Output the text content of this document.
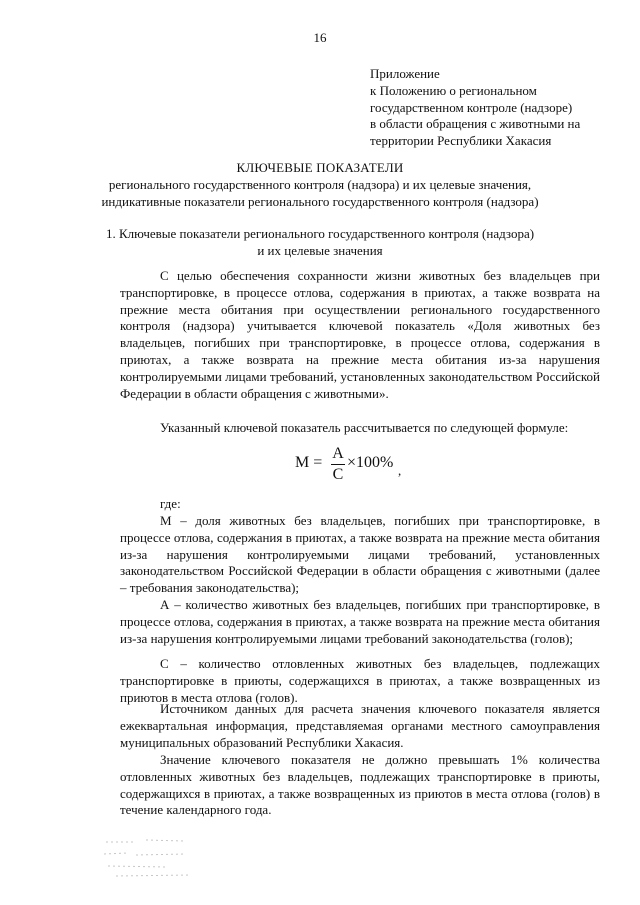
16
Приложение
к Положению о региональном
государственном контроле (надзоре)
в области обращения с животными на
территории Республики Хакасия
КЛЮЧЕВЫЕ ПОКАЗАТЕЛИ
регионального государственного контроля (надзора) и их целевые значения,
индикативные показатели регионального государственного контроля (надзора)
1. Ключевые показатели регионального государственного контроля (надзора)
и их целевые значения

С целью обеспечения сохранности жизни животных без владельцев при транспортировке, в процессе отлова, содержания в приютах, а также возврата на прежние места обитания при осуществлении регионального государственного контроля (надзора) учитывается ключевой показатель «Доля животных без владельцев, погибших при транспортировке, в процессе отлова, содержания в приютах, а также возврата на прежние места обитания из-за нарушения контролируемыми лицами требований, установленных законодательством Российской Федерации в области обращения с животными».

Указанный ключевой показатель рассчитывается по следующей формуле:

М =
А
С
×100% ,

где:

М – доля животных без владельцев, погибших при транспортировке, в процессе отлова, содержания в приютах, а также возврата на прежние места обитания из-за нарушения контролируемыми лицами требований, установленных законодательством Российской Федерации в области обращения с животными (далее – требования законодательства);

А – количество животных без владельцев, погибших при транспортировке, в процессе отлова, содержания в приютах, а также возврата на прежние места обитания из-за нарушения контролируемыми лицами требований законодательства (голов);

С – количество отловленных животных без владельцев, подлежащих транспортировке в приюты, содержащихся в приютах, а также возвращенных из приютов в места отлова (голов).

Источником данных для расчета значения ключевого показателя является ежеквартальная информация, представляемая органами местного самоуправления муниципальных образований Республики Хакасия.

Значение ключевого показателя не должно превышать 1% количества отловленных животных без владельцев, подлежащих транспортировке в приюты, содержащихся в приютах, а также возвращенных из приютов в места отлова (голов) в течение календарного года.
